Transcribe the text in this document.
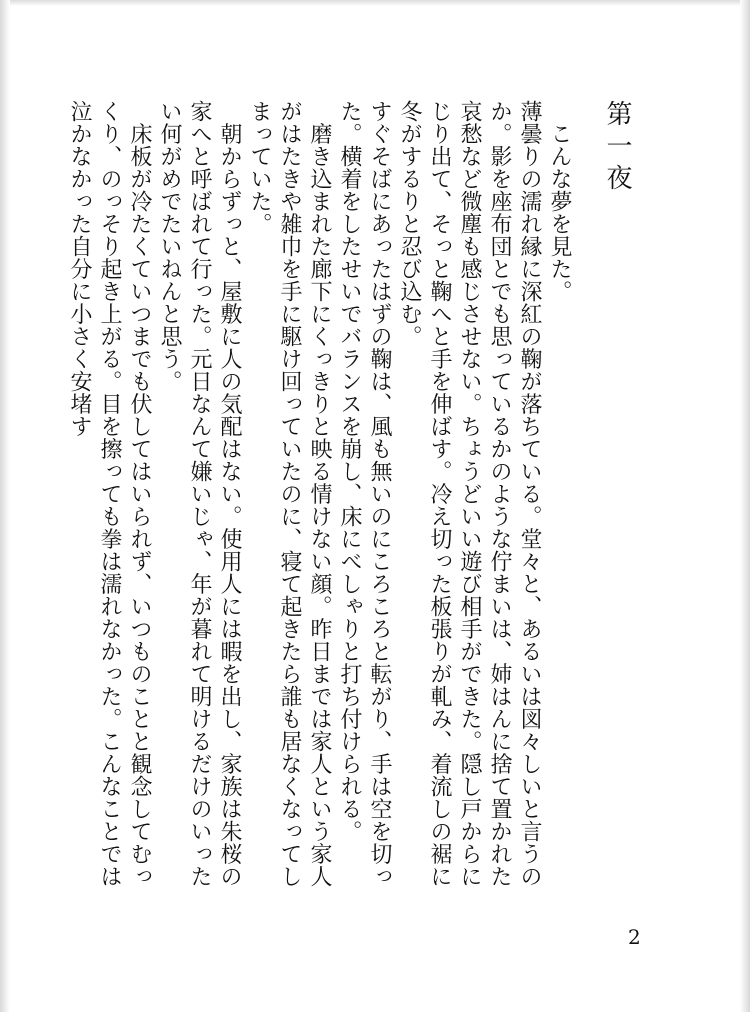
第一夜

　こんな夢を見た。

薄曇りの濡れ縁に深紅の鞠が落ちている。堂々と、あるいは図々しいと言うのか。影を座布団とでも思っているかのような佇まいは、姉はんに捨て置かれた哀愁など微塵も感じさせない。ちょうどいい遊び相手ができた。隠し戸からにじり出て、そっと鞠へと手を伸ばす。冷え切った板張りが軋み、着流しの裾に冬がするりと忍び込む。

すぐそばにあったはずの鞠は、風も無いのにころころと転がり、手は空を切った。横着をしたせいでバランスを崩し、床にべしゃりと打ち付けられる。

　磨き込まれた廊下にくっきりと映る情けない顔。昨日までは家人という家人がはたきや雑巾を手に駆け回っていたのに、寝て起きたら誰も居なくなってしまっていた。

　朝からずっと、屋敷に人の気配はない。使用人には暇を出し、家族は朱桜の家へと呼ばれて行った。元日なんて嫌いじゃ、年が暮れて明けるだけのいったい何がめでたいねんと思う。

　床板が冷たくていつまでも伏してはいられず、いつものことと観念してむっくり、のっそり起き上がる。目を擦っても拳は濡れなかった。こんなことでは泣かなかった自分に小さく安堵す

2
